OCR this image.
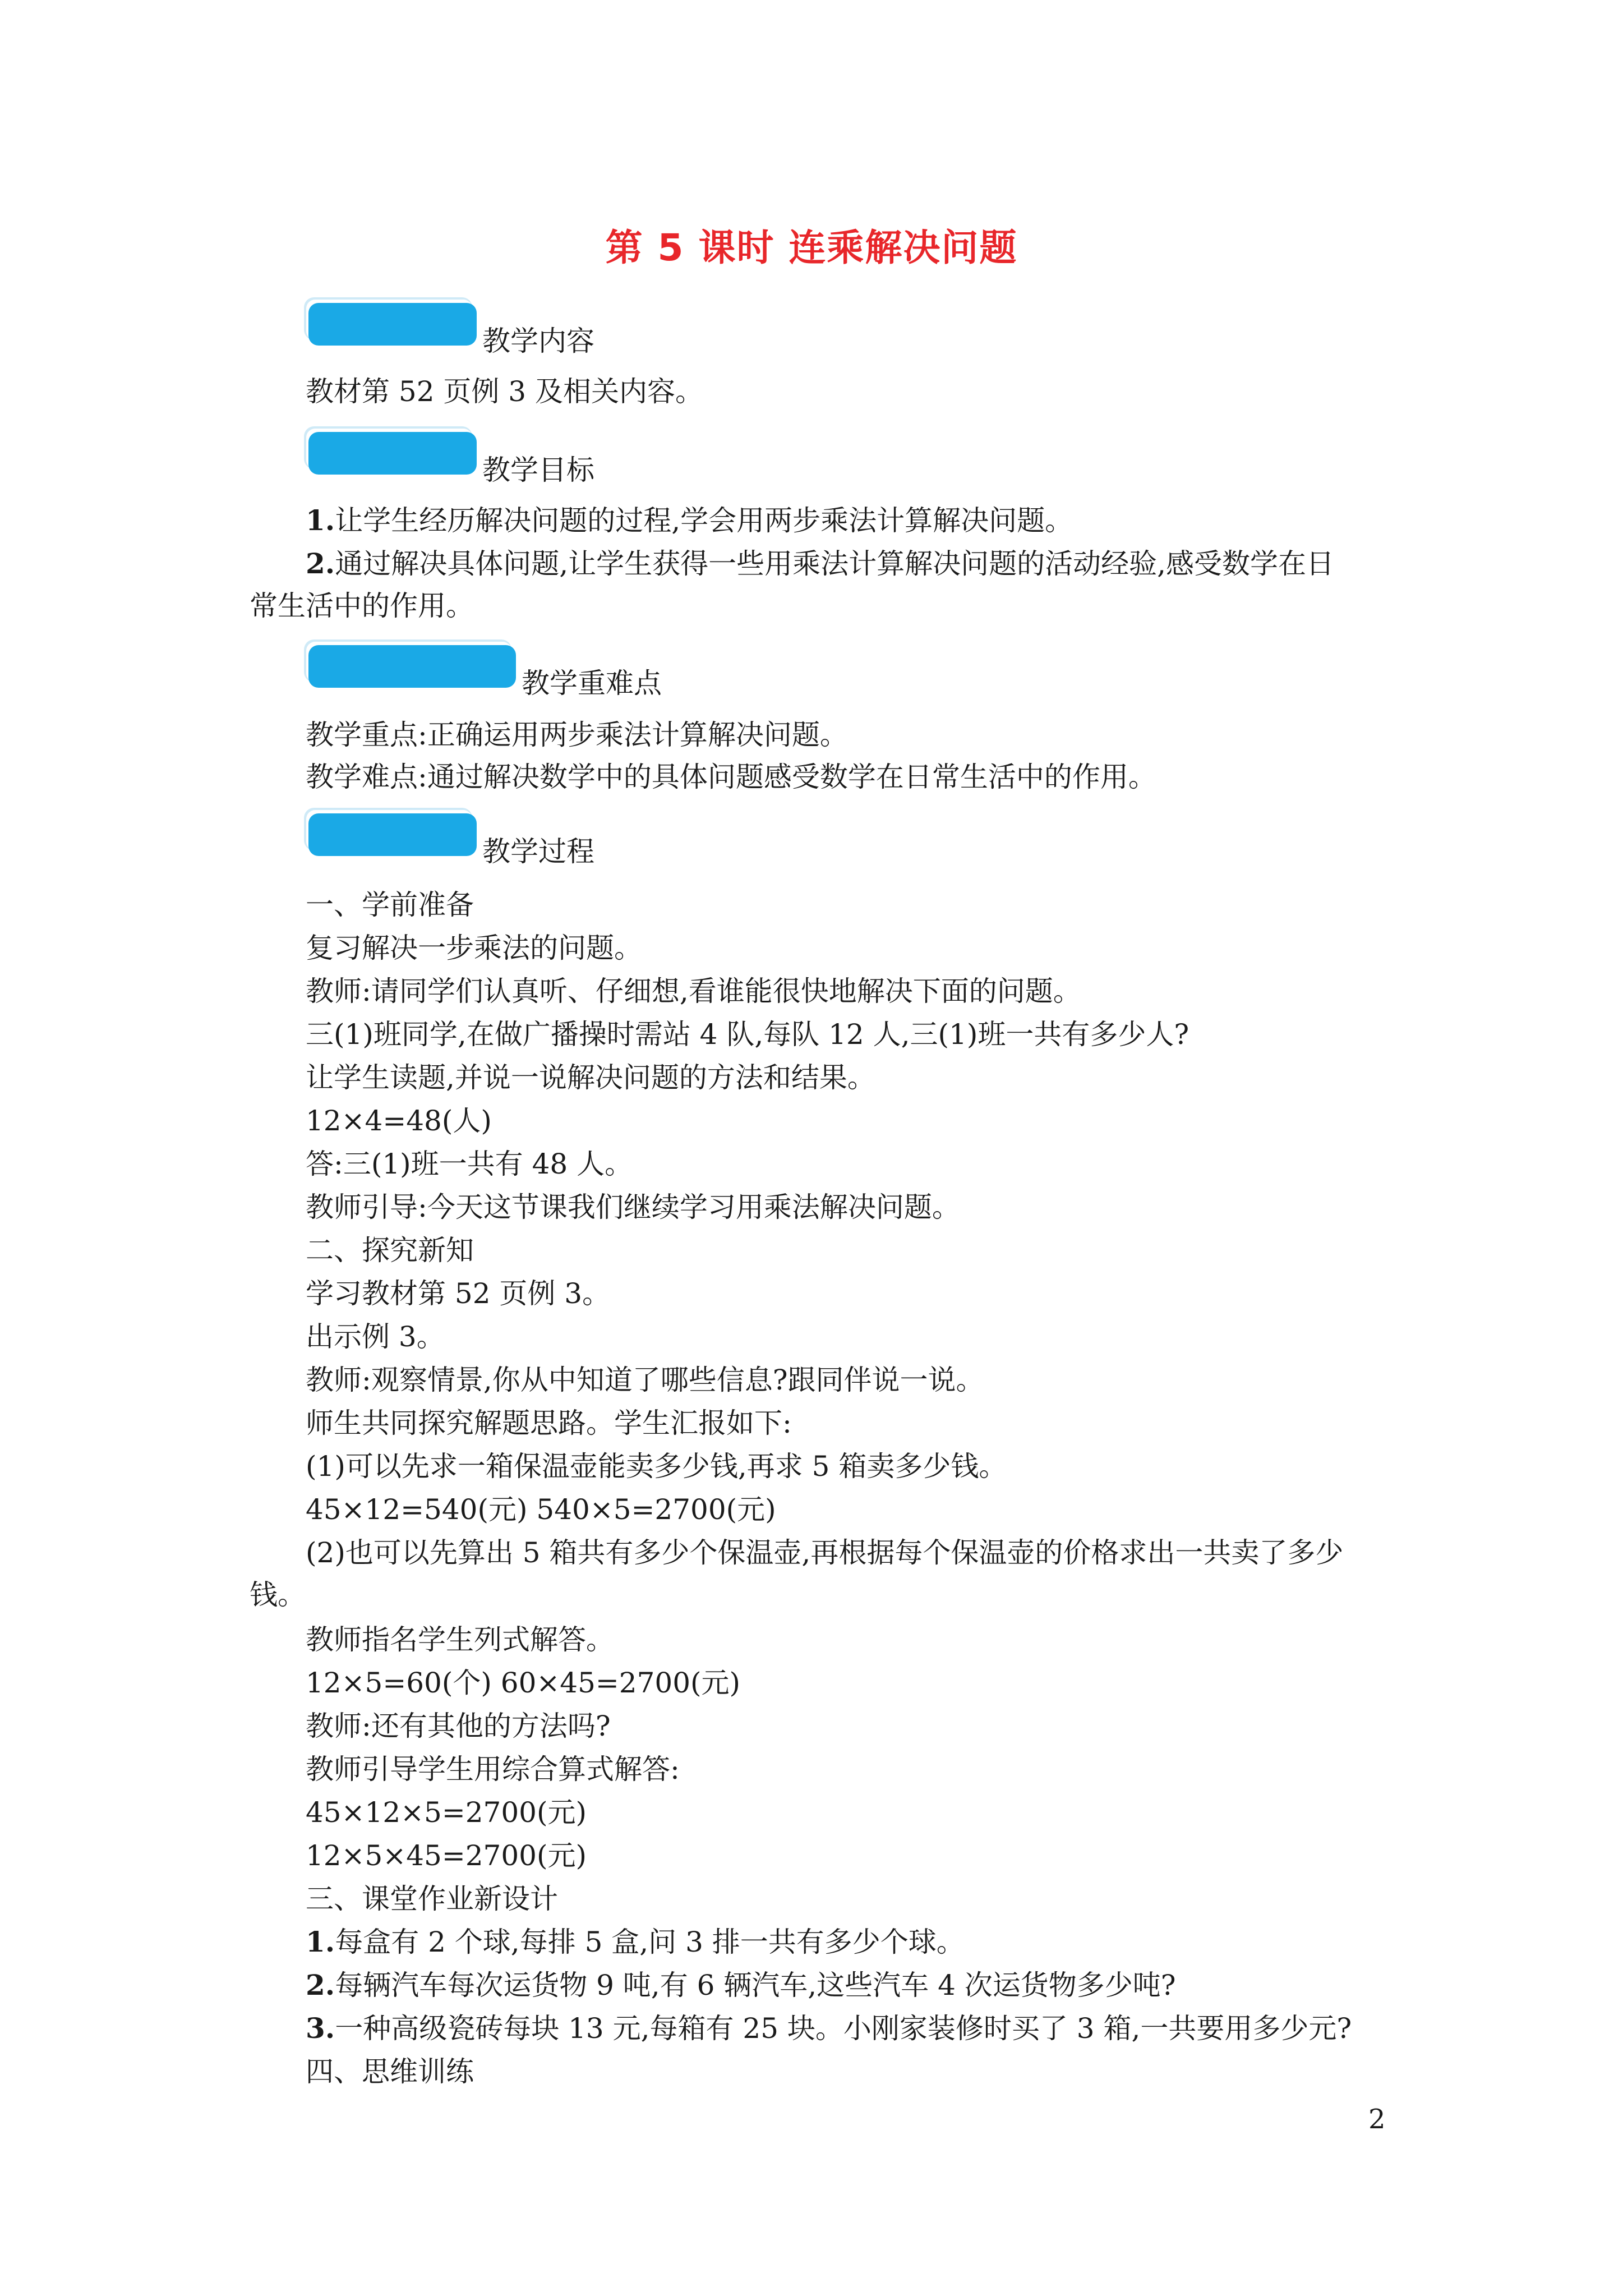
第 5 课时 连乘解决问题
教学内容
教材第 52 页例 3 及相关内容。
教学目标
1.让学生经历解决问题的过程,学会用两步乘法计算解决问题。
2.通过解决具体问题,让学生获得一些用乘法计算解决问题的活动经验,感受数学在日
常生活中的作用。
教学重难点
教学重点:正确运用两步乘法计算解决问题。
教学难点:通过解决数学中的具体问题感受数学在日常生活中的作用。
教学过程
一、学前准备
复习解决一步乘法的问题。
教师:请同学们认真听、仔细想,看谁能很快地解决下面的问题。
三(1)班同学,在做广播操时需站 4 队,每队 12 人,三(1)班一共有多少人?
让学生读题,并说一说解决问题的方法和结果。
12×4=48(人)
答:三(1)班一共有 48 人。
教师引导:今天这节课我们继续学习用乘法解决问题。
二、探究新知
学习教材第 52 页例 3。
出示例 3。
教师:观察情景,你从中知道了哪些信息?跟同伴说一说。
师生共同探究解题思路。学生汇报如下:
(1)可以先求一箱保温壶能卖多少钱,再求 5 箱卖多少钱。
45×12=540(元) 540×5=2700(元)
(2)也可以先算出 5 箱共有多少个保温壶,再根据每个保温壶的价格求出一共卖了多少
钱。
教师指名学生列式解答。
12×5=60(个) 60×45=2700(元)
教师:还有其他的方法吗?
教师引导学生用综合算式解答:
45×12×5=2700(元)
12×5×45=2700(元)
三、课堂作业新设计
1.每盒有 2 个球,每排 5 盒,问 3 排一共有多少个球。
2.每辆汽车每次运货物 9 吨,有 6 辆汽车,这些汽车 4 次运货物多少吨?
3.一种高级瓷砖每块 13 元,每箱有 25 块。小刚家装修时买了 3 箱,一共要用多少元?
四、思维训练
2
